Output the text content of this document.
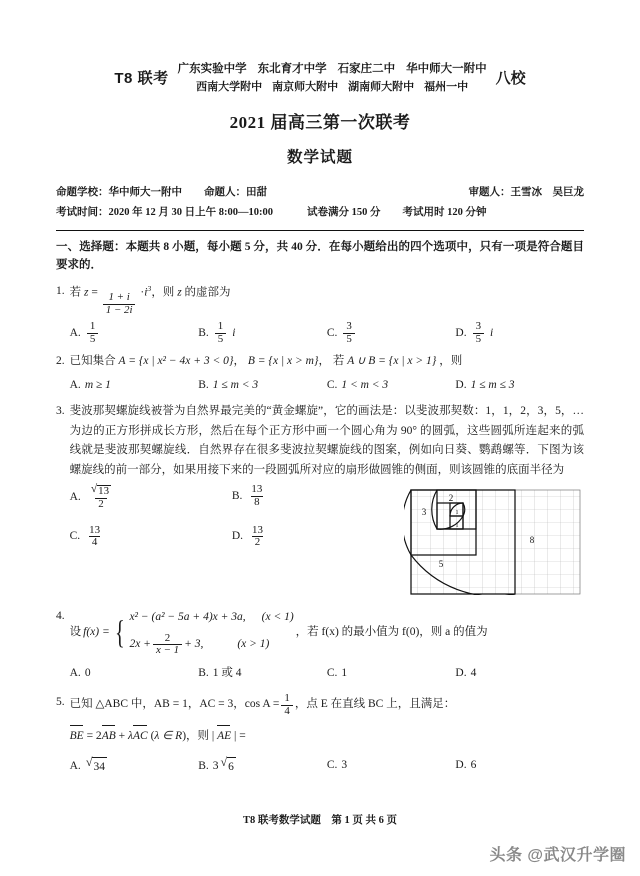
T8 联考
广东实验中学 东北育才中学 石家庄二中 华中师大一附中
西南大学附中 南京师大附中 湖南师大附中 福州一中 八校
2021 届高三第一次联考
数学试题
命题学校： 华中师大一附中 命题人： 田甜	审题人： 王雪冰　吴巨龙
考试时间： 2020 年 12 月 30 日上午 8:00—10:00	试卷满分 150 分 考试用时 120 分钟
一、选择题：本题共 8 小题，每小题 5 分，共 40 分．在每小题给出的四个选项中，只有一项是符合题目要求的．
1. 若 z =
$\frac{1 + i}{1 - 2i}$
$\cdot i^3$，则 z 的虚部为
A. $\frac{1}{5}$	B. $\frac{1}{5}$ i	C. $\frac{3}{5}$	D. $\frac{3}{5}$ i
2. 已知集合 A = {x | x² − 4x + 3 < 0}， B = {x | x > m}， 若 A ∪ B = {x | x > 1} ，则
A. m ≥ 1	B. 1 ≤ m < 3	C. 1 < m < 3	D. 1 ≤ m ≤ 3
3. 斐波那契螺旋线被誉为自然界最完美的“黄金螺旋”，它的画法是：以斐波那契数：1，1，2，3，5，…为边的正方形拼成长方形，然后在每个正方形中画一个圆心角为 90° 的圆弧，这些圆弧所连起来的弧线就是斐波那契螺旋线．自然界存在很多斐波拉契螺旋线的图案，例如向日葵、鹦鹉螺等．下图为该螺旋线的前一部分，如果用接下来的一段圆弧所对应的扇形做圆锥的侧面，则该圆锥的底面半径为
A. $\frac{√ 13}{2}$	B. $\frac{13}{8}$
C. $\frac{13}{4}$	D. $\frac{13}{2}$
1
1
2
3
5
8
4.
设 f(x) = { x² − (a² − 5a + 4)x + 3a, (x < 1)
$2x + \frac{2}{x - 1} + 3$,	(x > 1)
，若 f(x) 的最小值为 f(0)，则 a 的值为
A. 0	B. 1 或 4	C. 1	D. 4
5. 已知 △ABC 中，AB = 1，AC = 3，$\cos A = \frac{1}{4}$ ，点 E 在直线 BC 上，且满足：
BE = 2AB + λAC (λ ∈ R)，则 | AE | =
A. √ 34	B. 3 √ 6	C. 3	D. 6
T8 联考数学试题　第 1 页 共 6 页
头条 @武汉升学圈
